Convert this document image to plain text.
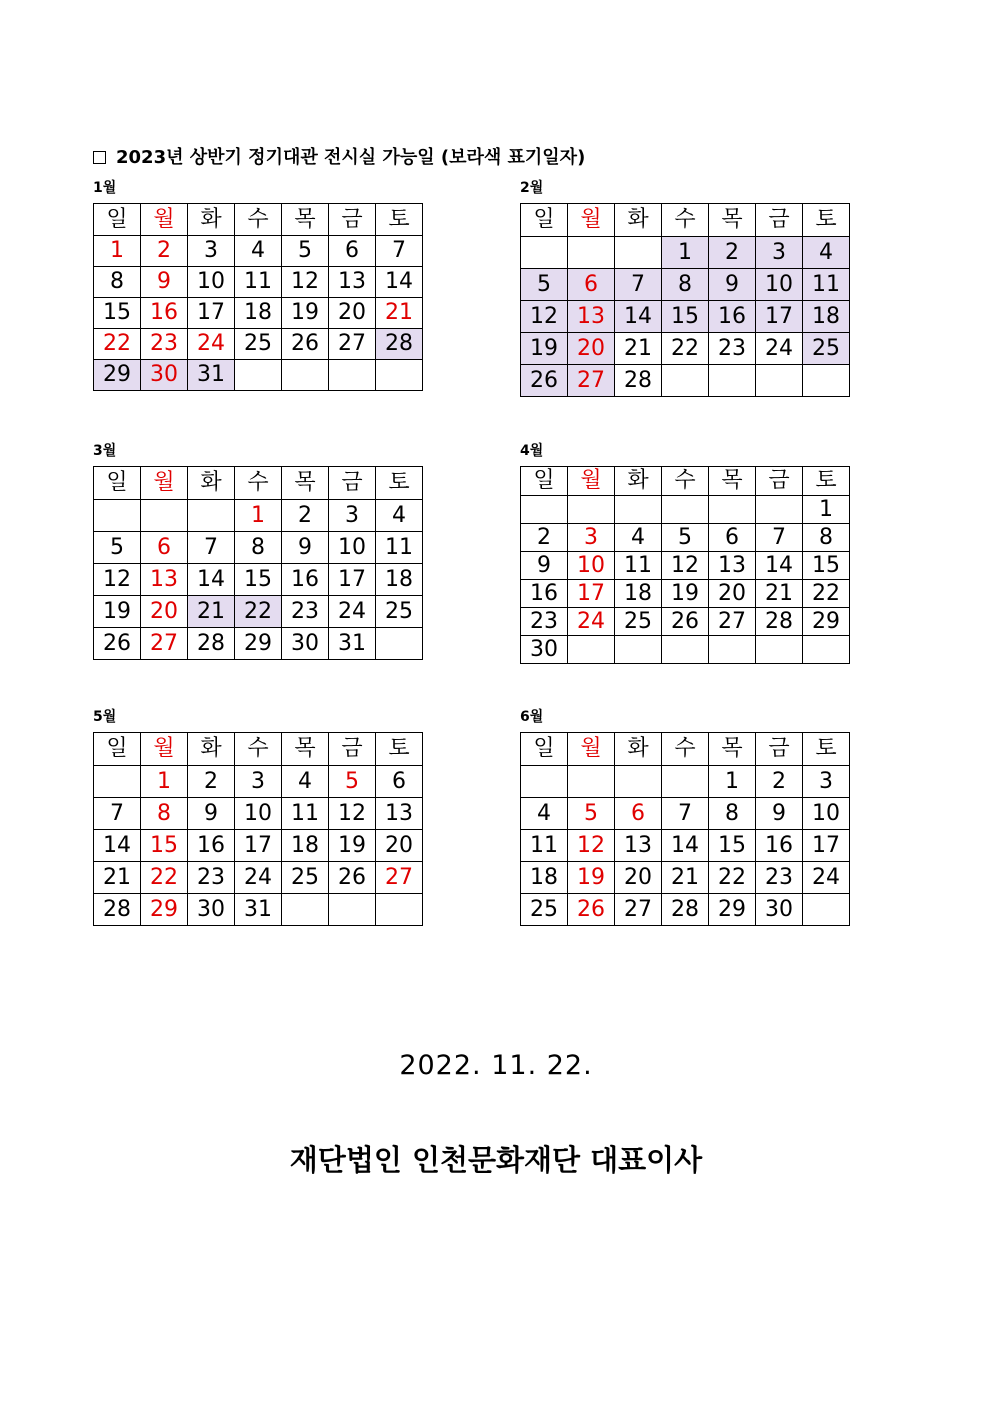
2023년 상반기 정기대관 전시실 가능일 (보라색 표기일자)
1월
일	월	화	수	목	금	토
1	2	3	4	5	6	7
8	9	10	11	12	13	14
15	16	17	18	19	20	21
22	23	24	25	26	27	28
29	30	31				
2월
일	월	화	수	목	금	토
			1	2	3	4
5	6	7	8	9	10	11
12	13	14	15	16	17	18
19	20	21	22	23	24	25
26	27	28				
3월
일	월	화	수	목	금	토
			1	2	3	4
5	6	7	8	9	10	11
12	13	14	15	16	17	18
19	20	21	22	23	24	25
26	27	28	29	30	31	
4월
일	월	화	수	목	금	토
						1
2	3	4	5	6	7	8
9	10	11	12	13	14	15
16	17	18	19	20	21	22
23	24	25	26	27	28	29
30						
5월
일	월	화	수	목	금	토
	1	2	3	4	5	6
7	8	9	10	11	12	13
14	15	16	17	18	19	20
21	22	23	24	25	26	27
28	29	30	31			
6월
일	월	화	수	목	금	토
				1	2	3
4	5	6	7	8	9	10
11	12	13	14	15	16	17
18	19	20	21	22	23	24
25	26	27	28	29	30	
2022. 11. 22.
재단법인 인천문화재단 대표이사
